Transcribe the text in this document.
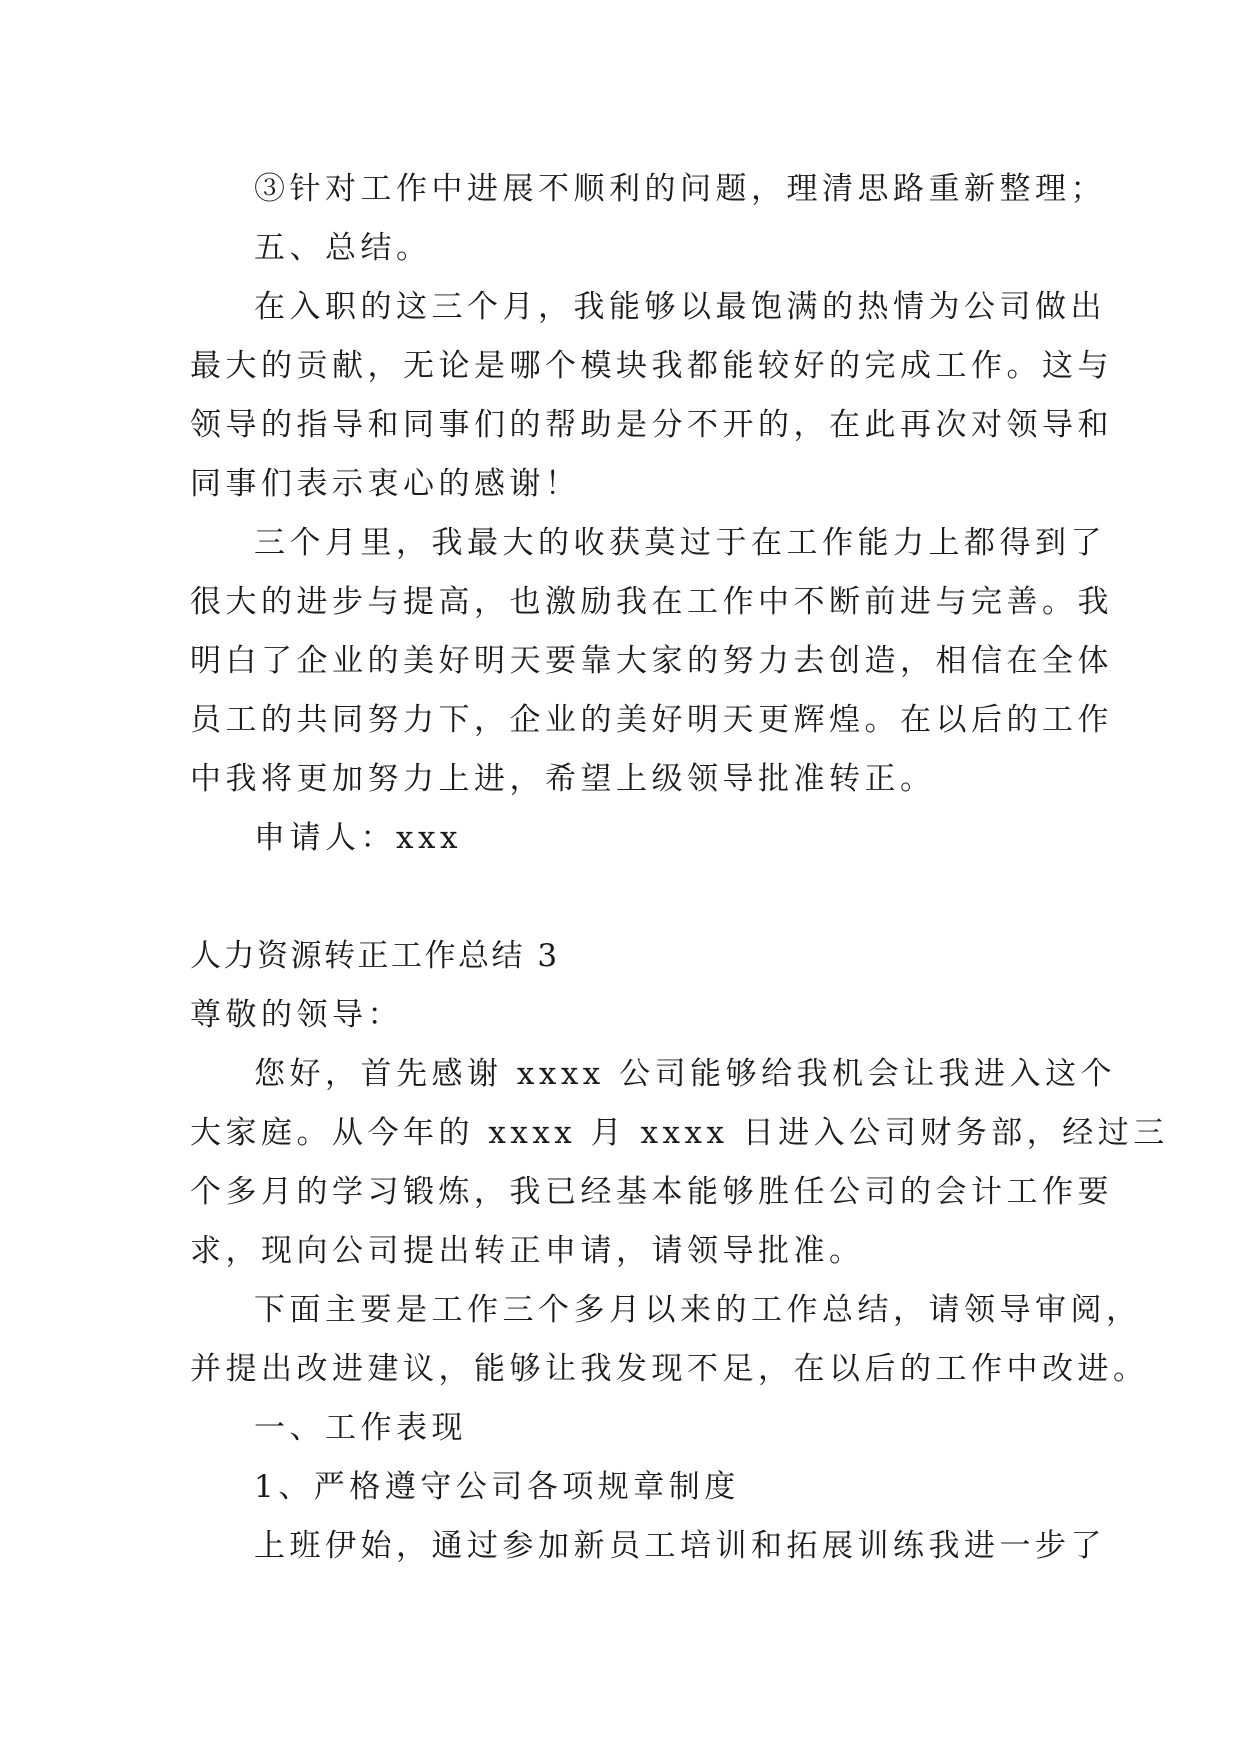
③针对工作中进展不顺利的问题，理清思路重新整理；
五、总结。
在入职的这三个月，我能够以最饱满的热情为公司做出
最大的贡献，无论是哪个模块我都能较好的完成工作。这与
领导的指导和同事们的帮助是分不开的，在此再次对领导和
同事们表示衷心的感谢！
三个月里，我最大的收获莫过于在工作能力上都得到了
很大的进步与提高，也激励我在工作中不断前进与完善。我
明白了企业的美好明天要靠大家的努力去创造，相信在全体
员工的共同努力下，企业的美好明天更辉煌。在以后的工作
中我将更加努力上进，希望上级领导批准转正。
申请人：xxx
人力资源转正工作总结 3
尊敬的领导：
您好，首先感谢 xxxx 公司能够给我机会让我进入这个
大家庭。从今年的 xxxx 月 xxxx 日进入公司财务部，经过三
个多月的学习锻炼，我已经基本能够胜任公司的会计工作要
求，现向公司提出转正申请，请领导批准。
下面主要是工作三个多月以来的工作总结，请领导审阅，
并提出改进建议，能够让我发现不足，在以后的工作中改进。
一、工作表现
1、严格遵守公司各项规章制度
上班伊始，通过参加新员工培训和拓展训练我进一步了
